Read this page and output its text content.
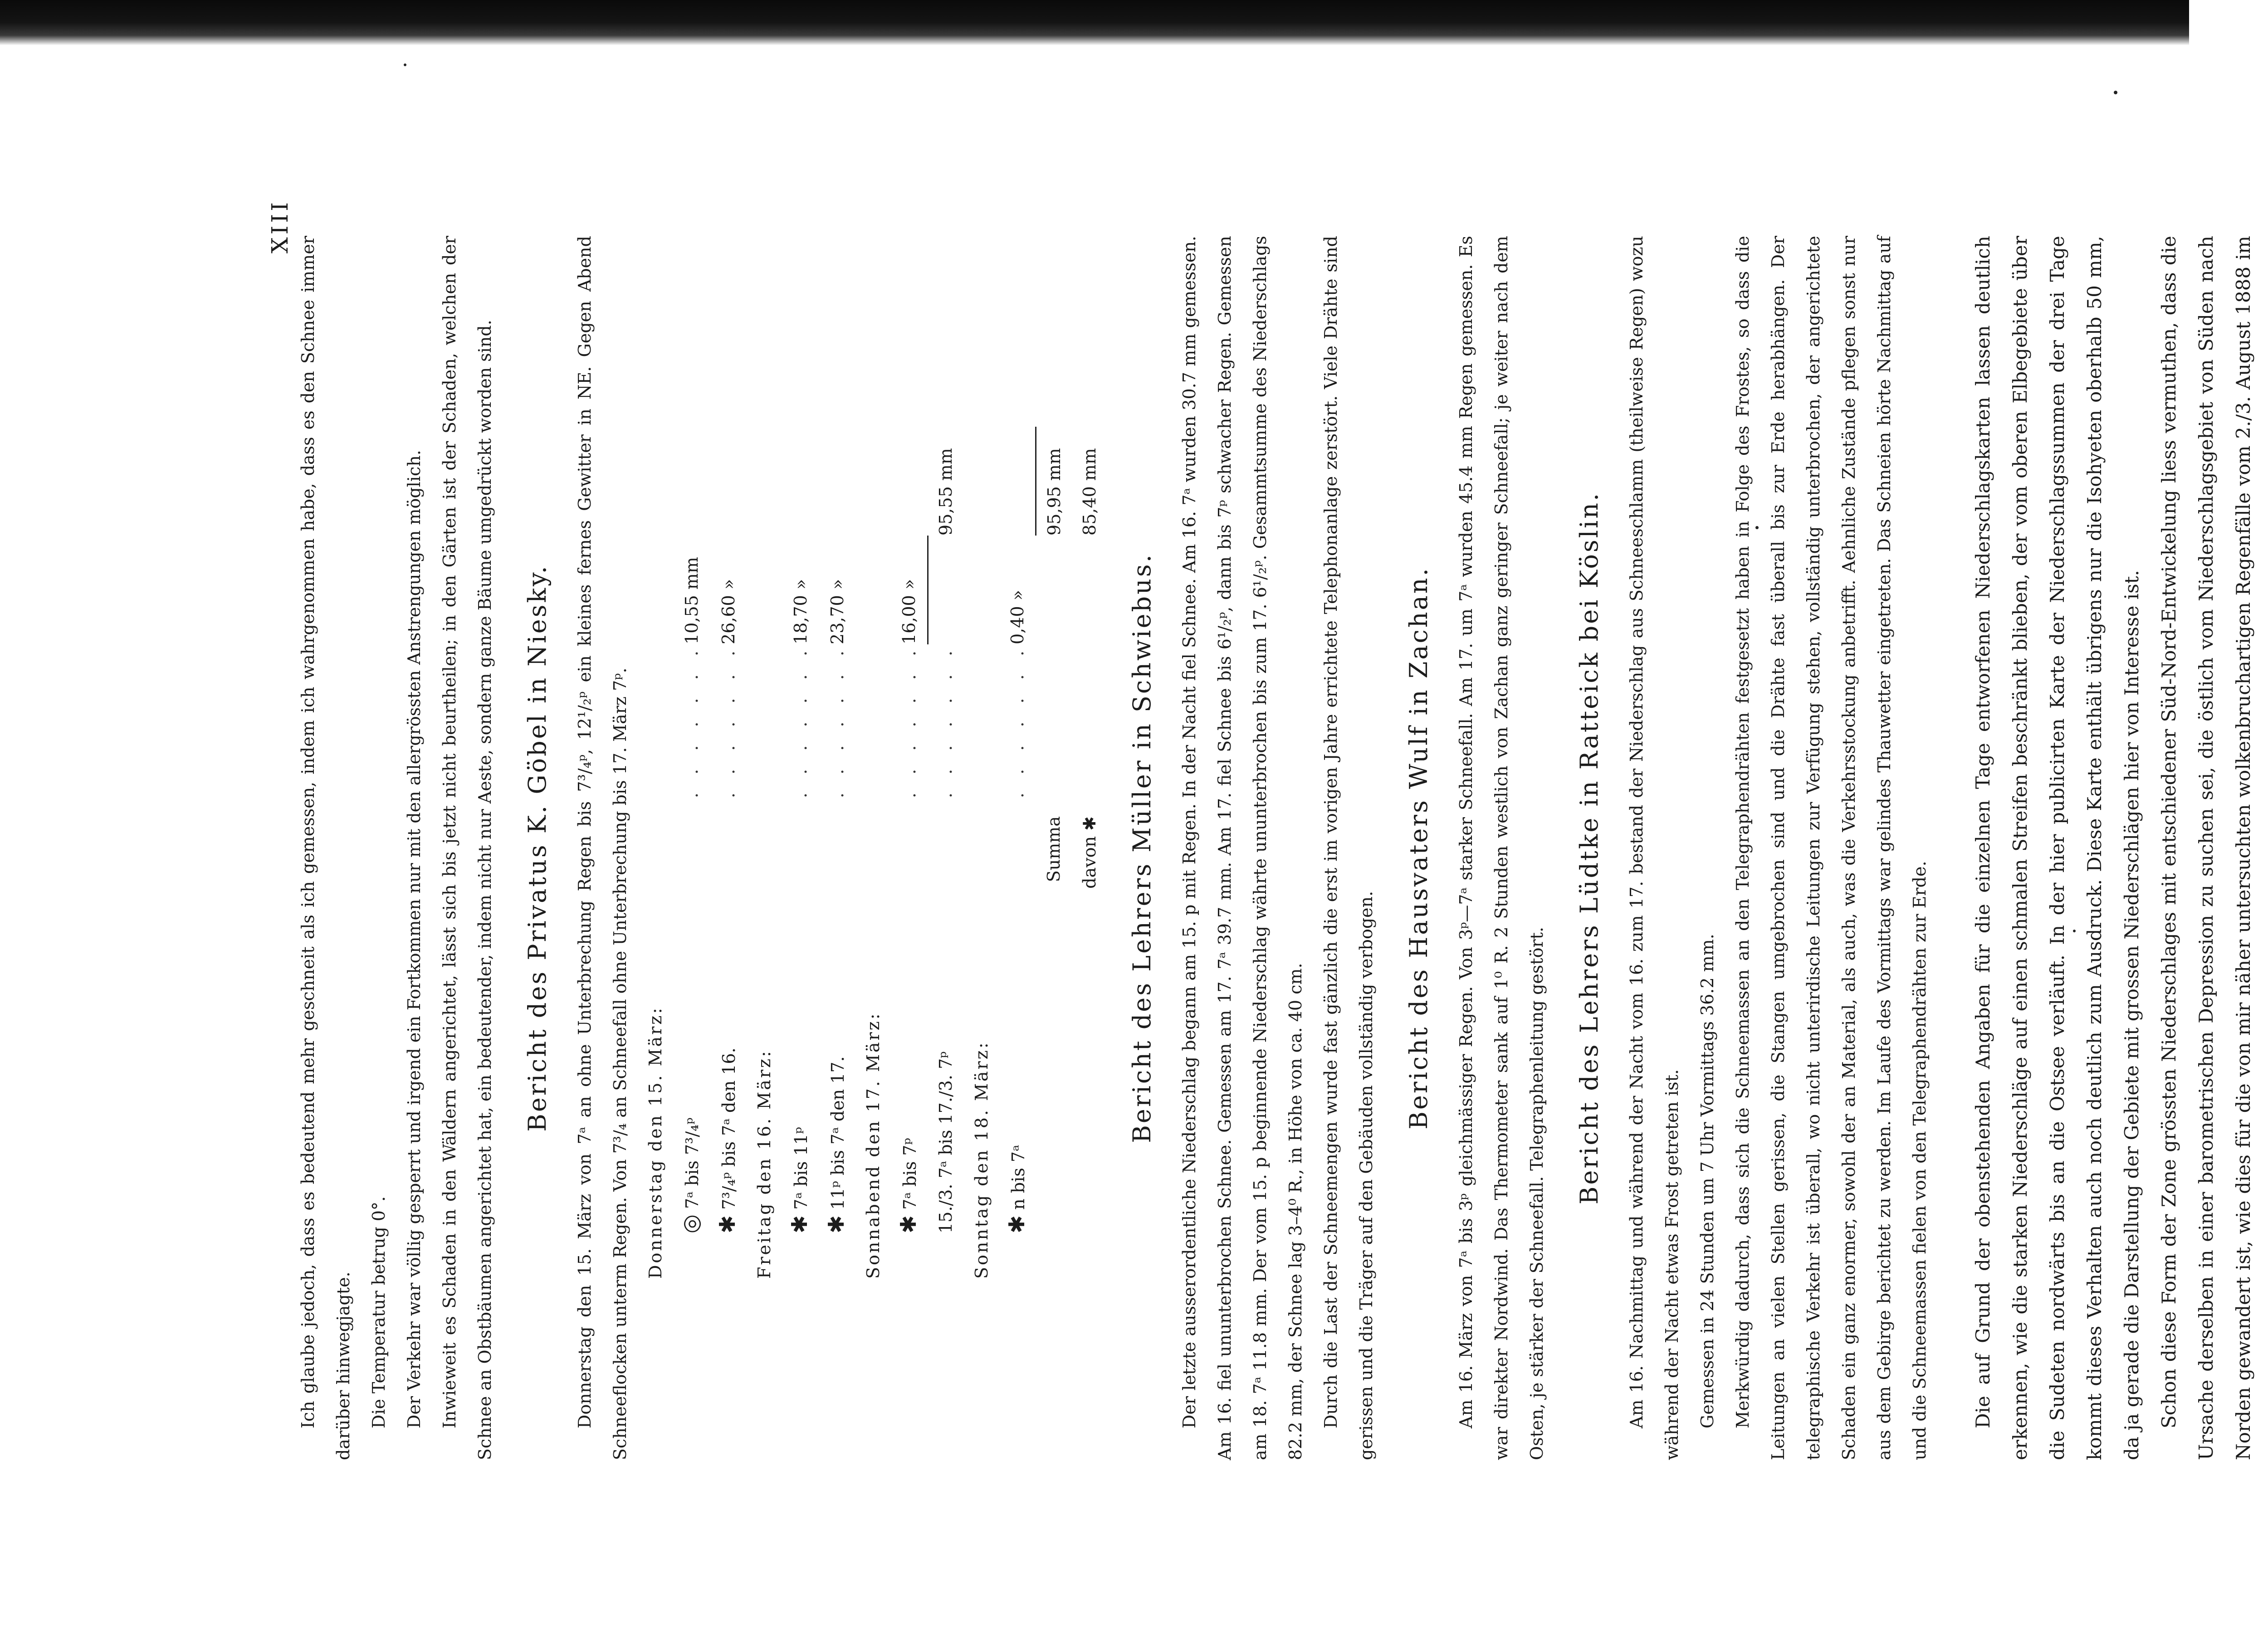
XIII

Ich glaube jedoch, dass es bedeutend mehr geschneit als ich gemessen, indem ich wahrgenommen habe, dass es den Schnee immer darüber hinwegjagte. Die Temperatur betrug 0°. Der Verkehr war völlig gesperrt und irgend ein Fortkommen nur mit den allergrössten Anstrengungen möglich. Inwieweit es Schaden in den Wäldern angerichtet, lässt sich bis jetzt nicht beurtheilen; in den Gärten ist der Schaden, welchen der Schnee an Obstbäumen angerichtet hat, ein bedeutender, indem nicht nur Aeste, sondern ganze Bäume umgedrückt worden sind.	Bericht des Privatus K. Göbel in Niesky.	Donnerstag den 15. März von 7ᵃ an ohne Unterbrechung Regen bis 7³/₄ᵖ, 12¹/₂ᵖ ein kleines fernes Gewitter in NE. Gegen Abend Schneeflocken unterm Regen. Von 7³/₄ an Schneefall ohne Unterbrechung bis 17. März 7ᵖ. Donnerstag den 15. März:			
◎ 7ᵃ bis 7³/₄ᵖ	. . . . . . .	10,55 mm	
✱ 7³/₄ᵖ bis 7ᵃ den 16.	. . . . . . .	26,60 »	
Freitag den 16. März:			
✱ 7ᵃ bis 11ᵖ	. . . . . . .	18,70 »	
✱ 11ᵖ bis 7ᵃ den 17.	. . . . . . .	23,70 »	
Sonnabend den 17. März:			
✱ 7ᵃ bis 7ᵖ	. . . . . . .	16,00 »	
15./3. 7ᵃ bis 17./3. 7ᵖ	. . . . . . .		95,55 mm
Sonntag den 18. März:			
✱ n bis 7ᵃ	. . . . . . .	0,40 »	
Summa			95,95 mm
davon ✱			85,40 mm
Bericht des Lehrers Müller in Schwiebus.	Der letzte ausserordentliche Niederschlag begann am 15. p mit Regen. In der Nacht fiel Schnee. Am 16. 7ᵃ wurden 30.7 mm gemessen. Am 16. fiel ununterbrochen Schnee. Gemessen am 17. 7ᵃ 39.7 mm. Am 17. fiel Schnee bis 6¹/₂ᵖ, dann bis 7ᵖ schwacher Regen. Gemessen am 18. 7ᵃ 11.8 mm. Der vom 15. p beginnende Niederschlag währte ununterbrochen bis zum 17. 6¹/₂ᵖ. Gesammtsumme des Niederschlags 82.2 mm, der Schnee lag 3–4⁰ R., in Höhe von ca. 40 cm. Durch die Last der Schneemengen wurde fast gänzlich die erst im vorigen Jahre errichtete Telephonanlage zerstört. Viele Drähte sind gerissen und die Träger auf den Gebäuden vollständig verbogen.

Bericht des Hausvaters Wulf in Zachan.	Am 16. März von 7ᵃ bis 3ᵖ gleichmässiger Regen. Von 3ᵖ—7ᵃ starker Schneefall. Am 17. um 7ᵃ wurden 45.4 mm Regen gemessen. Es war direkter Nordwind. Das Thermometer sank auf 1⁰ R. 2 Stunden westlich von Zachan ganz geringer Schneefall; je weiter nach dem Osten, je stärker der Schneefall. Telegraphenleitung gestört.	Bericht des Lehrers Lüdtke in Ratteick bei Köslin.	Am 16. Nachmittag und während der Nacht vom 16. zum 17. bestand der Niederschlag aus Schneeschlamm (theilweise Regen) wozu während der Nacht etwas Frost getreten ist. Gemessen in 24 Stunden um 7 Uhr Vormittags 36.2 mm. Merkwürdig dadurch, dass sich die Schneemassen an den Telegraphendrähten festgesetzt haben in Folge des Frostes, so dass die Leitungen an vielen Stellen gerissen, die Stangen umgebrochen sind und die Drähte fast überall bis zur Erde herabhängen. Der telegraphische Verkehr ist überall, wo nicht unterirdische Leitungen zur Verfügung stehen, vollständig unterbrochen, der angerichtete Schaden ein ganz enormer, sowohl der an Material, als auch, was die Verkehrsstockung anbetrifft. Aehnliche Zustände pflegen sonst nur aus dem Gebirge berichtet zu werden. Im Laufe des Vormittags war gelindes Thauwetter eingetreten. Das Schneien hörte Nachmittag auf und die Schneemassen fielen von den Telegraphendrähten zur Erde.	Die auf Grund der obenstehenden Angaben für die einzelnen Tage entworfenen Niederschlagskarten lassen deutlich erkennen, wie die starken Niederschläge auf einen schmalen Streifen beschränkt blieben, der vom oberen Elbegebiete über die Sudeten nordwärts bis an die Ostsee verläuft. In der hier publicirten Karte der Niederschlagssummen der drei Tage kommt dieses Verhalten auch noch deutlich zum Ausdruck. Diese Karte enthält übrigens nur die Isohyeten oberhalb 50 mm, da ja gerade die Darstellung der Gebiete mit grossen Niederschlägen hier von Interesse ist. Schon diese Form der Zone grössten Niederschlages mit entschiedener Süd-Nord-Entwickelung liess vermuthen, dass die Ursache derselben in einer barometrischen Depression zu suchen sei, die östlich vom Niederschlagsgebiet von Süden nach Norden gewandert ist, wie dies für die von mir näher untersuchten wolkenbruchartigen Regenfälle vom 2./3. August 1888 im
